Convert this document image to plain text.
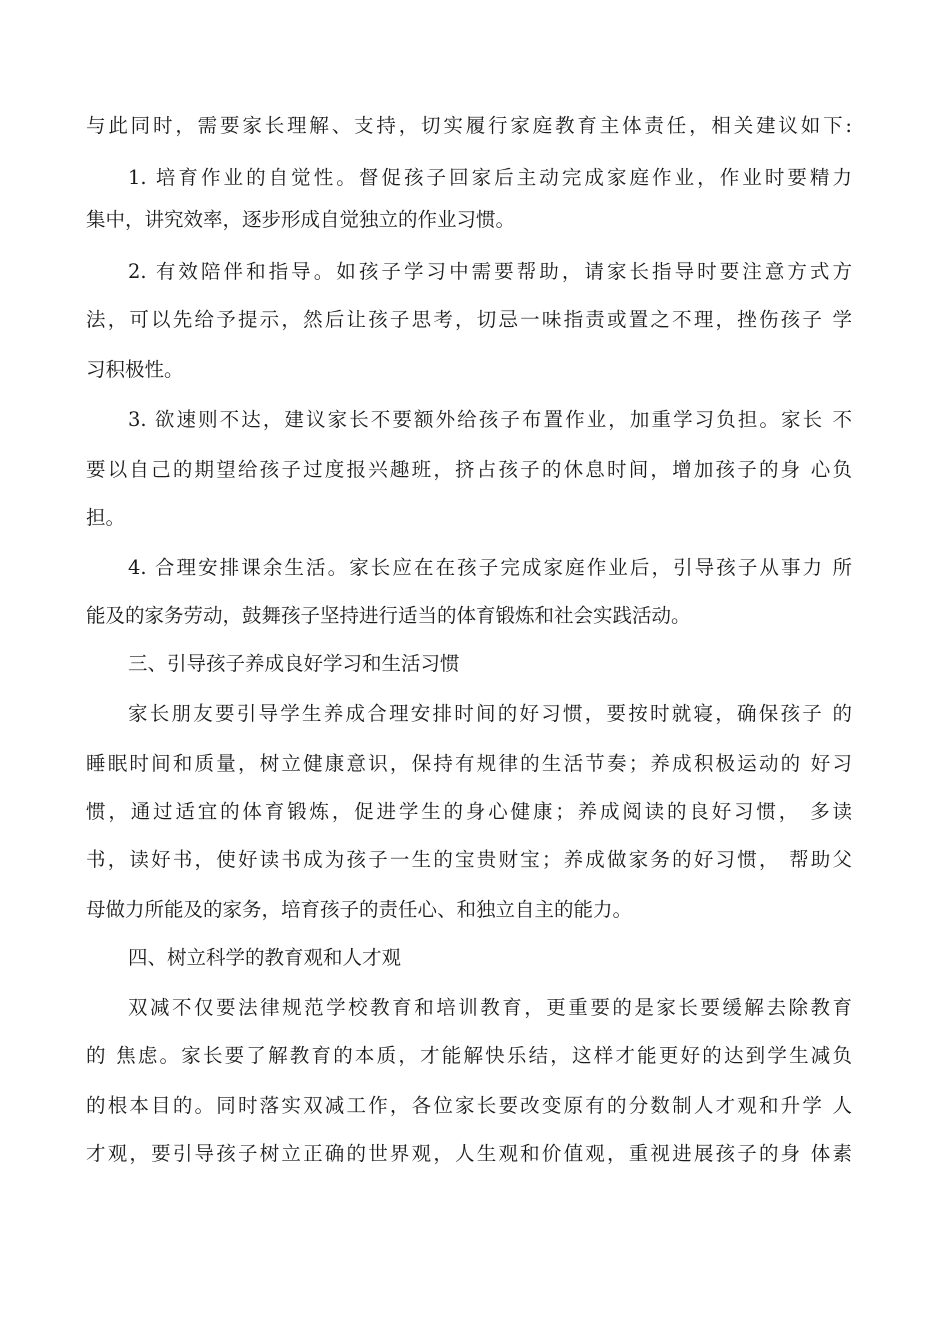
与此同时，需要家长理解、支持，切实履行家庭教育主体责任，相关建议如下:
1. 培育作业的自觉性。督促孩子回家后主动完成家庭作业，作业时要精力
集中，讲究效率，逐步形成自觉独立的作业习惯。
2. 有效陪伴和指导。如孩子学习中需要帮助，请家长指导时要注意方式方
法，可以先给予提示，然后让孩子思考，切忌一味指责或置之不理，挫伤孩子 学
习积极性。
3. 欲速则不达，建议家长不要额外给孩子布置作业，加重学习负担。家长 不
要以自己的期望给孩子过度报兴趣班，挤占孩子的休息时间，增加孩子的身 心负
担。
4. 合理安排课余生活。家长应在在孩子完成家庭作业后，引导孩子从事力 所
能及的家务劳动，鼓舞孩子坚持进行适当的体育锻炼和社会实践活动。
三、引导孩子养成良好学习和生活习惯
家长朋友要引导学生养成合理安排时间的好习惯，要按时就寝，确保孩子 的
睡眠时间和质量，树立健康意识，保持有规律的生活节奏；养成积极运动的 好习
惯，通过适宜的体育锻炼，促进学生的身心健康；养成阅读的良好习惯， 多读
书，读好书，使好读书成为孩子一生的宝贵财宝；养成做家务的好习惯， 帮助父
母做力所能及的家务，培育孩子的责任心、和独立自主的能力。
四、树立科学的教育观和人才观
双减不仅要法律规范学校教育和培训教育，更重要的是家长要缓解去除教育
的 焦虑。家长要了解教育的本质，才能解快乐结，这样才能更好的达到学生减负
的根本目的。同时落实双减工作，各位家长要改变原有的分数制人才观和升学 人
才观，要引导孩子树立正确的世界观，人生观和价值观，重视进展孩子的身 体素
